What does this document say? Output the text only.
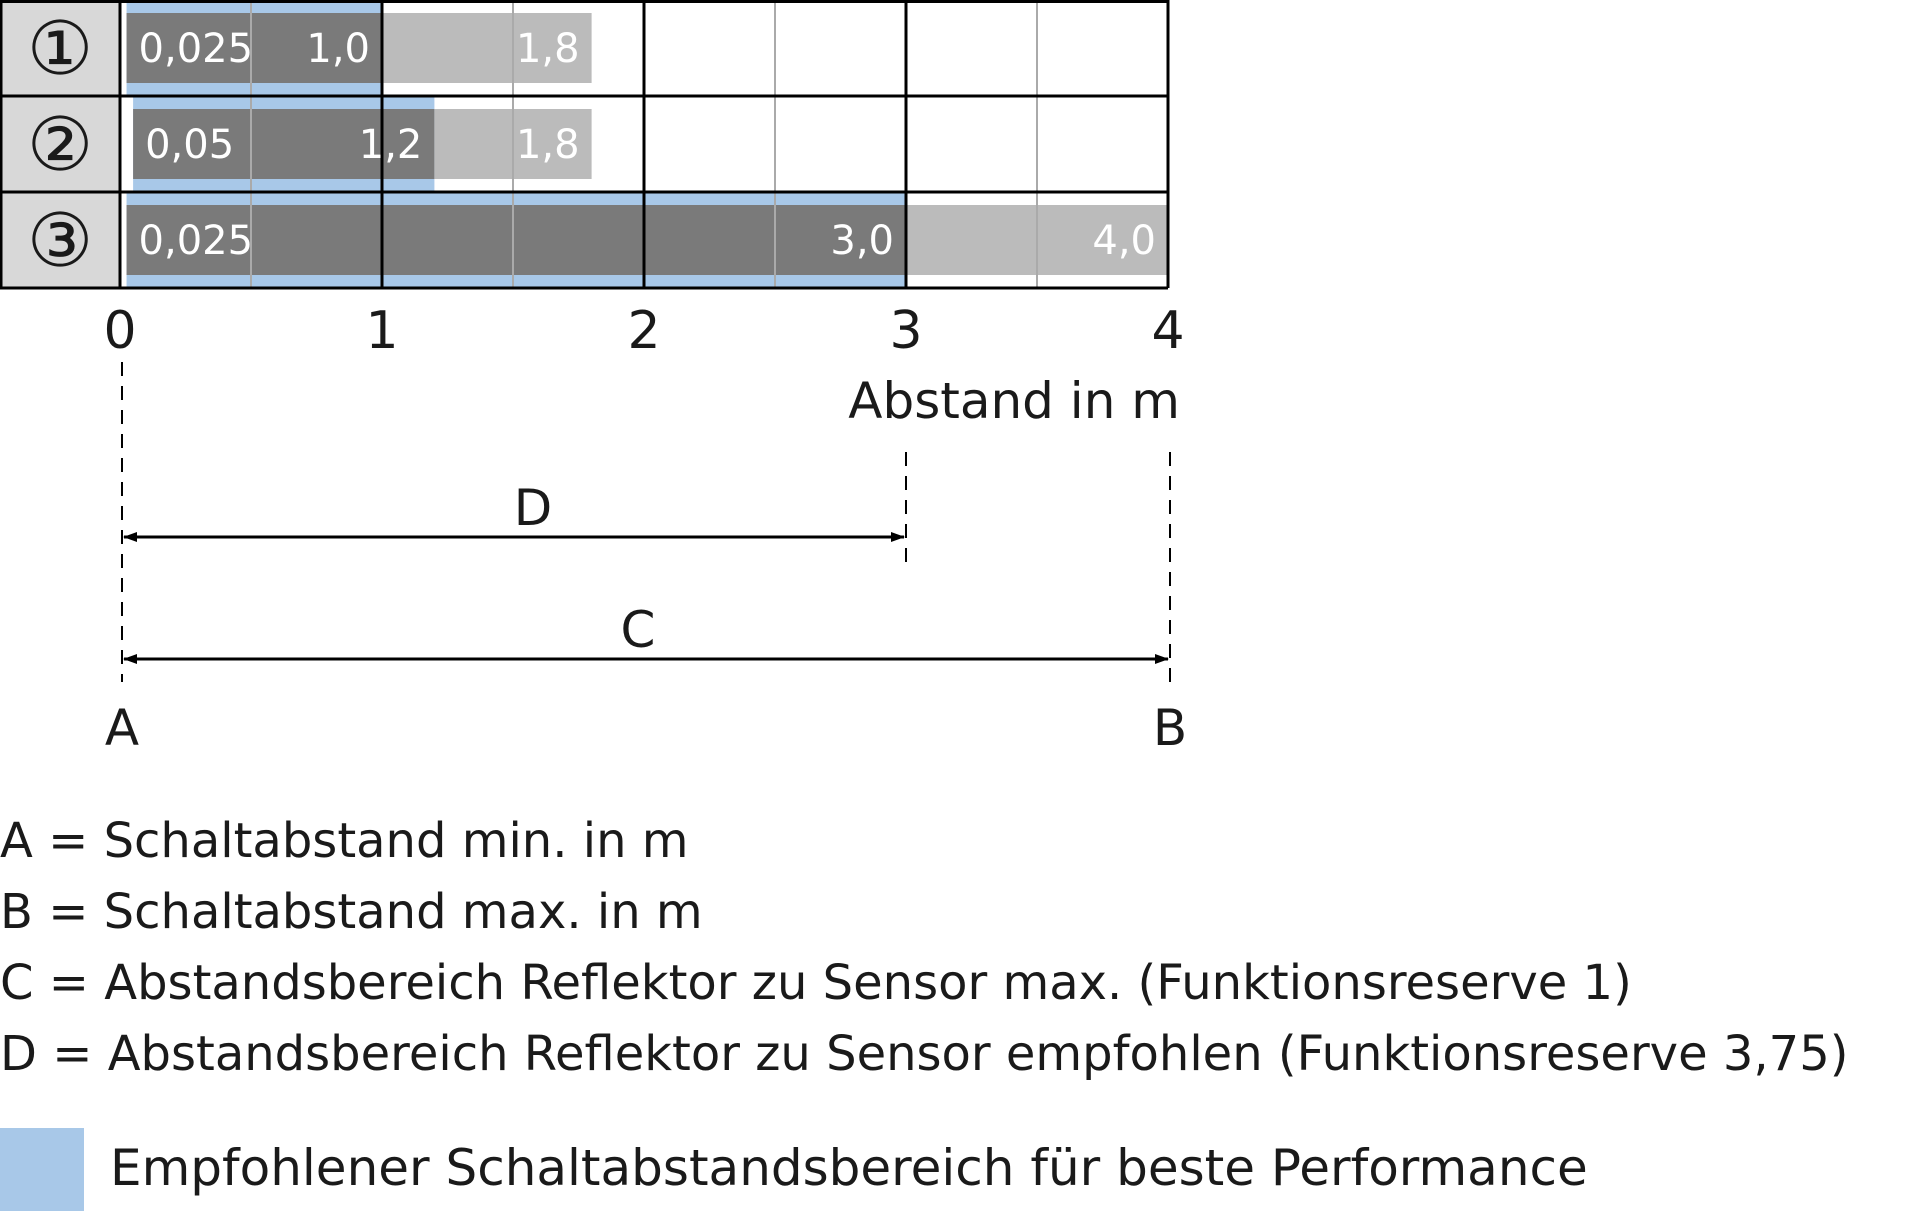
① 0,025 1,0	1,8
② 0,05	1,2 1,8
③ 0,025	3,0	4,0
0	1	2	3	4
Abstand in m
D
C
A	B

A = Schaltabstand min. in m

B = Schaltabstand max. in m

C = Abstandsbereich Reflektor zu Sensor max. (Funktionsreserve 1)

D = Abstandsbereich Reflektor zu Sensor empfohlen (Funktionsreserve 3,75)

Empfohlener Schaltabstandsbereich für beste Performance
